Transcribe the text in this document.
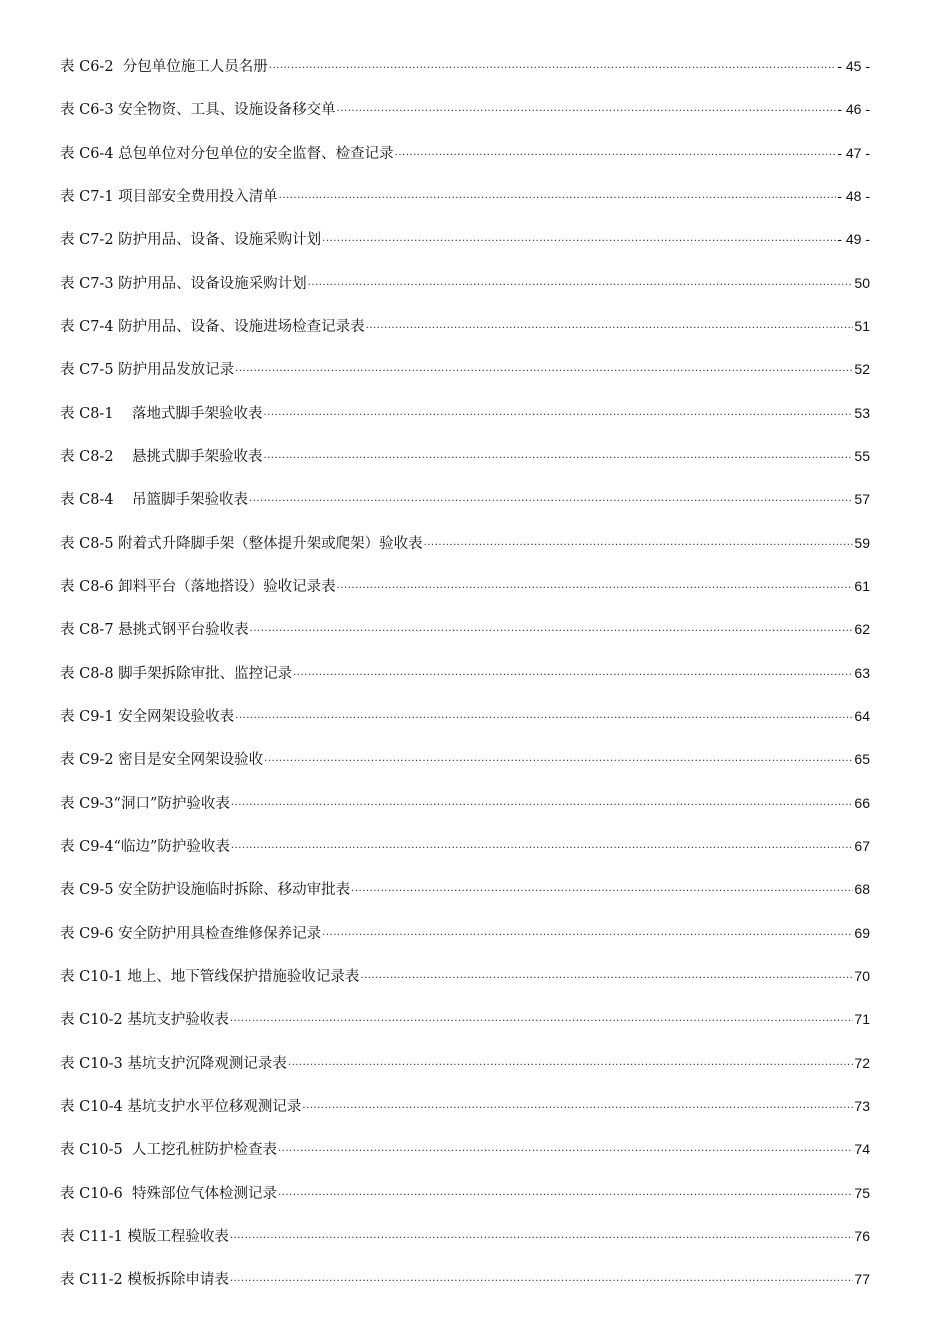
表 C6-2  分包单位施工人员名册 .....	- 45 -
表 C6-3 安全物资、工具、设施设备移交单 .....	- 46 -
表 C6-4 总包单位对分包单位的安全监督、检查记录 .....	- 47 -
表 C7-1 项目部安全费用投入清单 .....	- 48 -
表 C7-2 防护用品、设备、设施采购计划 .....	- 49 -
表 C7-3 防护用品、设备设施采购计划 .....	50
表 C7-4 防护用品、设备、设施进场检查记录表 .....	51
表 C7-5 防护用品发放记录 .....	52
表 C8-1    落地式脚手架验收表 .....	53
表 C8-2    悬挑式脚手架验收表 .....	55
表 C8-4    吊篮脚手架验收表 .....	57
表 C8-5 附着式升降脚手架（整体提升架或爬架）验收表 .....	59
表 C8-6 卸料平台（落地搭设）验收记录表 .....	61
表 C8-7 悬挑式钢平台验收表 .....	62
表 C8-8 脚手架拆除审批、监控记录 .....	63
表 C9-1 安全网架设验收表 .....	64
表 C9-2 密目是安全网架设验收 .....	65
表 C9-3“洞口”防护验收表 .....	66
表 C9-4“临边”防护验收表 .....	67
表 C9-5 安全防护设施临时拆除、移动审批表 .....	68
表 C9-6 安全防护用具检查维修保养记录 .....	69
表 C10-1 地上、地下管线保护措施验收记录表 .....	70
表 C10-2 基坑支护验收表 .....	71
表 C10-3 基坑支护沉降观测记录表 .....	72
表 C10-4 基坑支护水平位移观测记录 .....	73
表 C10-5  人工挖孔桩防护检查表 .....	74
表 C10-6  特殊部位气体检测记录 .....	75
表 C11-1 模版工程验收表 .....	76
表 C11-2 模板拆除申请表 .....	77
